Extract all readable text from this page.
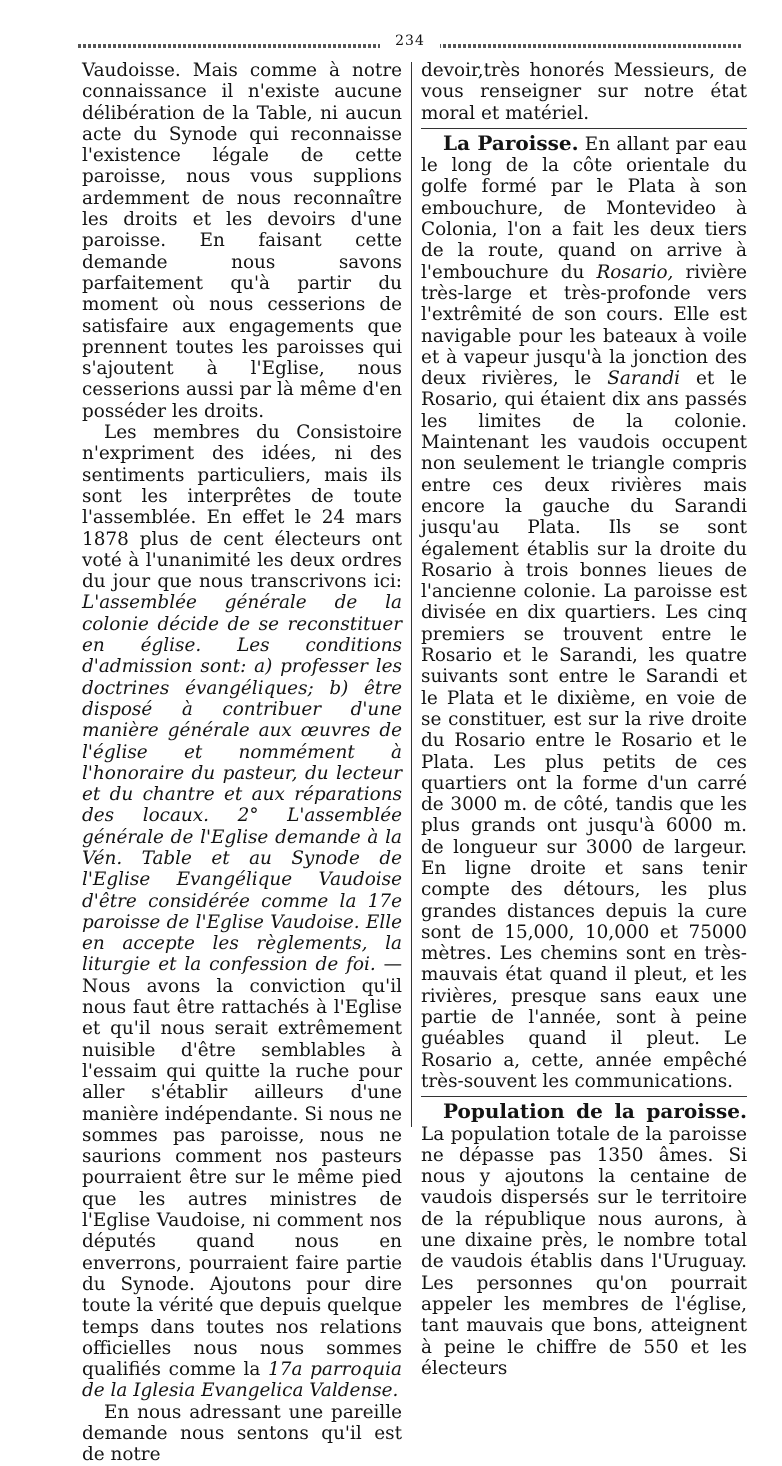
234

Vaudoisse. Mais comme à notre connaissance il n'existe aucune délibération de la Table, ni aucun acte du Synode qui reconnaisse l'existence légale de cette paroisse, nous vous supplions ardemment de nous reconnaître les droits et les devoirs d'une paroisse. En faisant cette demande nous savons parfaitement qu'à partir du moment où nous cesserions de satisfaire aux engagements que prennent toutes les paroisses qui s'ajoutent à l'Eglise, nous cesserions aussi par là même d'en posséder les droits.

Les membres du Consistoire n'expriment des idées, ni des sentiments particuliers, mais ils sont les interprêtes de toute l'assemblée. En effet le 24 mars 1878 plus de cent électeurs ont voté à l'unanimité les deux ordres du jour que nous transcrivons ici: L'assemblée générale de la colonie décide de se reconstituer en église. Les conditions d'admission sont: a) professer les doctrines évangéliques; b) être disposé à contribuer d'une manière générale aux œuvres de l'église et nommément à l'honoraire du pasteur, du lecteur et du chantre et aux réparations des locaux. 2° L'assemblée générale de l'Eglise demande à la Vén. Table et au Synode de l'Eglise Evangélique Vaudoise d'être considérée comme la 17e paroisse de l'Eglise Vaudoise. Elle en accepte les règlements, la liturgie et la confession de foi. — Nous avons la conviction qu'il nous faut être rattachés à l'Eglise et qu'il nous serait extrêmement nuisible d'être semblables à l'essaim qui quitte la ruche pour aller s'établir ailleurs d'une manière indépendante. Si nous ne sommes pas paroisse, nous ne saurions comment nos pasteurs pourraient être sur le même pied que les autres ministres de l'Eglise Vaudoise, ni comment nos députés quand nous en enverrons, pourraient faire partie du Synode. Ajoutons pour dire toute la vérité que depuis quelque temps dans toutes nos relations officielles nous nous sommes qualifiés comme la 17a parroquia de la Iglesia Evangelica Valdense.

En nous adressant une pareille demande nous sentons qu'il est de notre

devoir,très honorés Messieurs, de vous renseigner sur notre état moral et matériel.

La Paroisse. En allant par eau le long de la côte orientale du golfe formé par le Plata à son embouchure, de Montevideo à Colonia, l'on a fait les deux tiers de la route, quand on arrive à l'embouchure du Rosario, rivière très-large et très-profonde vers l'extrêmité de son cours. Elle est navigable pour les bateaux à voile et à vapeur jusqu'à la jonction des deux rivières, le Sarandi et le Rosario, qui étaient dix ans passés les limites de la colonie. Maintenant les vaudois occupent non seulement le triangle compris entre ces deux rivières mais encore la gauche du Sarandi jusqu'au Plata. Ils se sont également établis sur la droite du Rosario à trois bonnes lieues de l'ancienne colonie. La paroisse est divisée en dix quartiers. Les cinq premiers se trouvent entre le Rosario et le Sarandi, les quatre suivants sont entre le Sarandi et le Plata et le dixième, en voie de se constituer, est sur la rive droite du Rosario entre le Rosario et le Plata. Les plus petits de ces quartiers ont la forme d'un carré de 3000 m. de côté, tandis que les plus grands ont jusqu'à 6000 m. de longueur sur 3000 de largeur. En ligne droite et sans tenir compte des détours, les plus grandes distances depuis la cure sont de 15,000, 10,000 et 75000 mètres. Les chemins sont en très-mauvais état quand il pleut, et les rivières, presque sans eaux une partie de l'année, sont à peine guéables quand il pleut. Le Rosario a, cette, année empêché très-souvent les communications.

Population de la paroisse. La population totale de la paroisse ne dépasse pas 1350 âmes. Si nous y ajoutons la centaine de vaudois dispersés sur le territoire de la république nous aurons, à une dixaine près, le nombre total de vaudois établis dans l'Uruguay. Les personnes qu'on pourrait appeler les membres de l'église, tant mauvais que bons, atteignent à peine le chiffre de 550 et les électeurs
